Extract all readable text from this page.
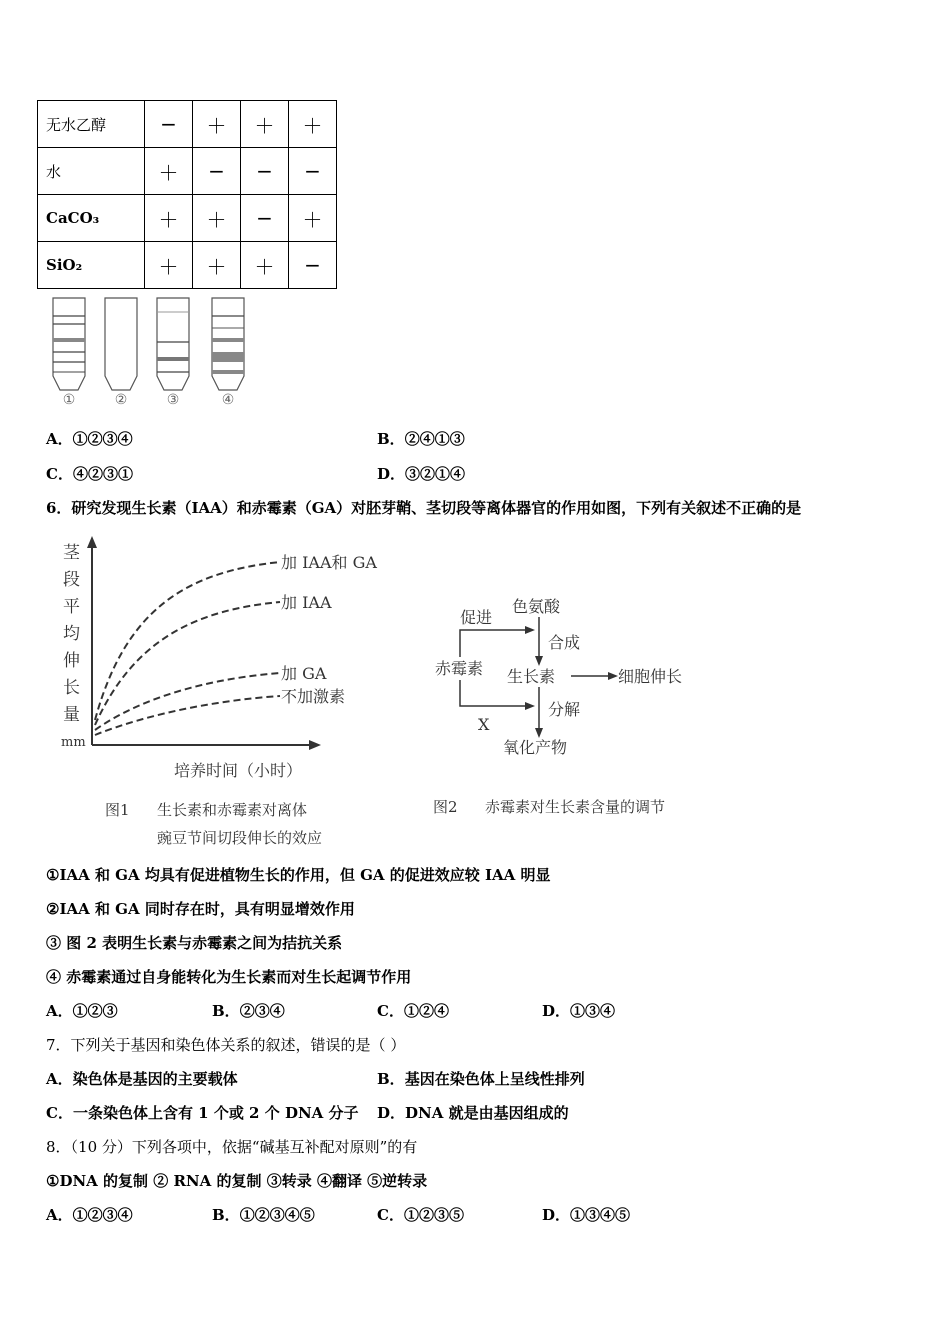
无水乙醇	−	＋	＋	＋
水	＋	−	−	−
CaCO₃	＋	＋	−	＋
SiO₂	＋	＋	＋	−
①	②	③	④
A．①②③④	B．②④①③
C．④②③①	D．③②①④
6．研究发现生长素（IAA）和赤霉素（GA）对胚芽鞘、茎切段等离体器官的作用如图，下列有关叙述不正确的是
茎
段
平
均
伸
长
量
mm
加 IAA和 GA
加 IAA
加 GA
不加激素
培养时间（小时）
图1 生长素和赤霉素对离体
豌豆节间切段伸长的效应
赤霉素
促进
X
色氨酸
合成
生长素	细胞伸长
分解
氧化产物
图2 赤霉素对生长素含量的调节
①IAA 和 GA 均具有促进植物生长的作用，但 GA 的促进效应较 IAA 明显
②IAA 和 GA 同时存在时，具有明显增效作用
③ 图 2 表明生长素与赤霉素之间为拮抗关系
④ 赤霉素通过自身能转化为生长素而对生长起调节作用
A．①②③	B．②③④	C．①②④	D．①③④
7．下列关于基因和染色体关系的叙述，错误的是（ ）
A．染色体是基因的主要载体	B．基因在染色体上呈线性排列
C．一条染色体上含有 1 个或 2 个 DNA 分子 D．DNA 就是由基因组成的
8．（10 分）下列各项中，依据“碱基互补配对原则”的有
①DNA 的复制 ② RNA 的复制 ③转录 ④翻译 ⑤逆转录
A．①②③④	B．①②③④⑤	C．①②③⑤	D．①③④⑤
